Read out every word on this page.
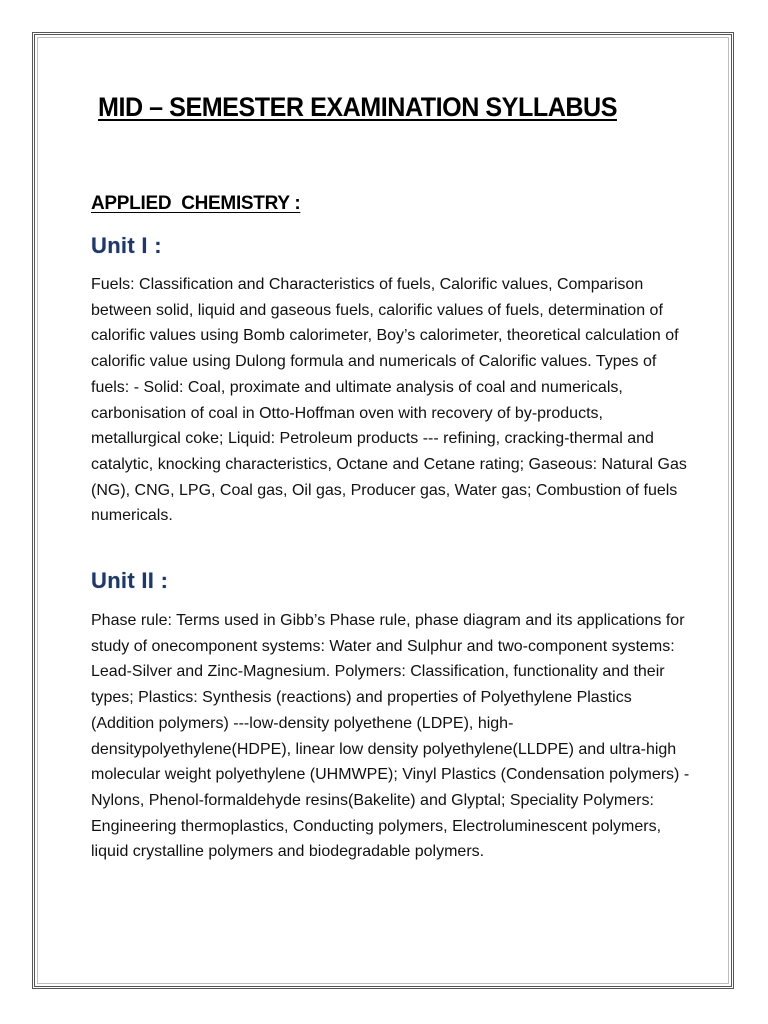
MID – SEMESTER EXAMINATION SYLLABUS
APPLIED  CHEMISTRY :
Unit I :

Fuels: Classification and Characteristics of fuels, Calorific values, Comparison between solid, liquid and gaseous fuels, calorific values of fuels, determination of calorific values using Bomb calorimeter, Boy’s calorimeter, theoretical calculation of calorific value using Dulong formula and numericals of Calorific values. Types of fuels: - Solid: Coal, proximate and ultimate analysis of coal and numericals, carbonisation of coal in Otto-Hoffman oven with recovery of by-products, metallurgical coke; Liquid: Petroleum products --- refining, cracking-thermal and catalytic, knocking characteristics, Octane and Cetane rating; Gaseous: Natural Gas (NG), CNG, LPG, Coal gas, Oil gas, Producer gas, Water gas; Combustion of fuels numericals.

Unit II :

Phase rule: Terms used in Gibb’s Phase rule, phase diagram and its applications for study of onecomponent systems: Water and Sulphur and two-component systems: Lead-Silver and Zinc-Magnesium. Polymers: Classification, functionality and their types; Plastics: Synthesis (reactions) and properties of Polyethylene Plastics (Addition polymers) ---low-density polyethene (LDPE), high-densitypolyethylene(HDPE), linear low density polyethylene(LLDPE) and ultra-high molecular weight polyethylene (UHMWPE); Vinyl Plastics (Condensation polymers) -Nylons, Phenol-formaldehyde resins(Bakelite) and Glyptal; Speciality Polymers: Engineering thermoplastics, Conducting polymers, Electroluminescent polymers, liquid crystalline polymers and biodegradable polymers.
